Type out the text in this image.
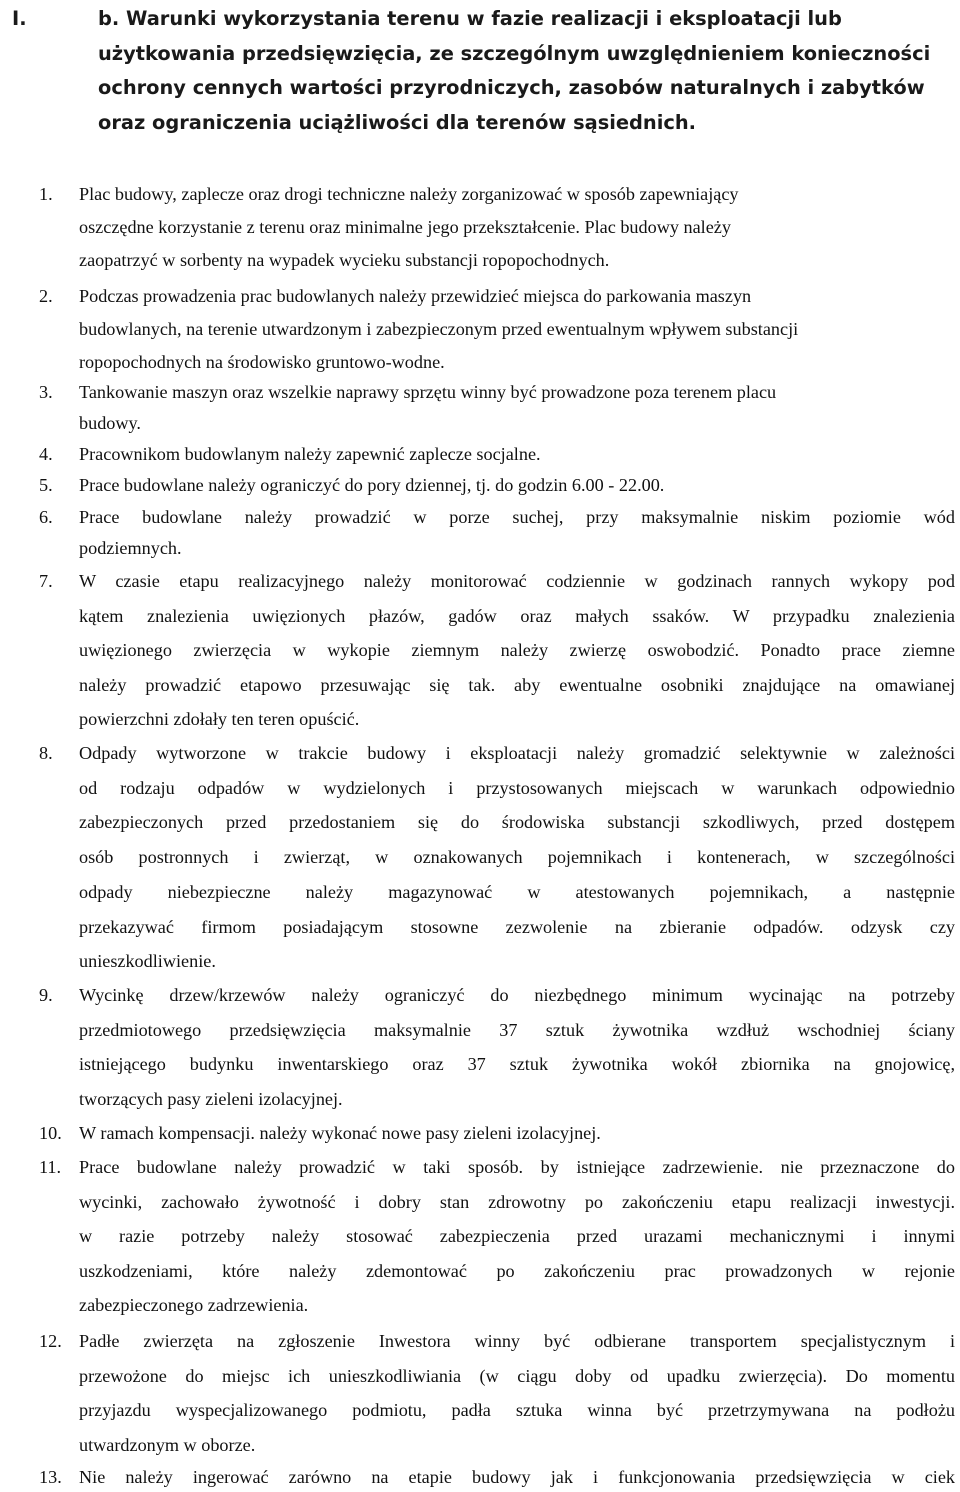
I.	b. Warunki wykorzystania terenu w fazie realizacji i eksploatacji lub
użytkowania przedsięwzięcia, ze szczególnym uwzględnieniem konieczności
ochrony cennych wartości przyrodniczych, zasobów naturalnych i zabytków
oraz ograniczenia uciążliwości dla terenów sąsiednich.
1. Plac budowy, zaplecze oraz drogi techniczne należy zorganizować w sposób zapewniający
oszczędne korzystanie z terenu oraz minimalne jego przekształcenie. Plac budowy należy
zaopatrzyć w sorbenty na wypadek wycieku substancji ropopochodnych.
2. Podczas prowadzenia prac budowlanych należy przewidzieć miejsca do parkowania maszyn
budowlanych, na terenie utwardzonym i zabezpieczonym przed ewentualnym wpływem substancji
ropopochodnych na środowisko gruntowo-wodne.
3. Tankowanie maszyn oraz wszelkie naprawy sprzętu winny być prowadzone poza terenem placu
budowy.
4. Pracownikom budowlanym należy zapewnić zaplecze socjalne.
5. Prace budowlane należy ograniczyć do pory dziennej, tj. do godzin 6.00 - 22.00.
6. Prace budowlane należy prowadzić w porze suchej, przy maksymalnie niskim poziomie wód
podziemnych.
7. W czasie etapu realizacyjnego należy monitorować codziennie w godzinach rannych wykopy pod
kątem znalezienia uwięzionych płazów, gadów oraz małych ssaków. W przypadku znalezienia
uwięzionego zwierzęcia w wykopie ziemnym należy zwierzę oswobodzić. Ponadto prace ziemne
należy prowadzić etapowo przesuwając się tak. aby ewentualne osobniki znajdujące na omawianej
powierzchni zdołały ten teren opuścić.
8. Odpady wytworzone w trakcie budowy i eksploatacji należy gromadzić selektywnie w zależności
od rodzaju odpadów w wydzielonych i przystosowanych miejscach w warunkach odpowiednio
zabezpieczonych przed przedostaniem się do środowiska substancji szkodliwych, przed dostępem
osób postronnych i zwierząt, w oznakowanych pojemnikach i kontenerach, w szczególności
odpady niebezpieczne należy magazynować w atestowanych pojemnikach, a następnie
przekazywać firmom posiadającym stosowne zezwolenie na zbieranie odpadów. odzysk czy
unieszkodliwienie.
9. Wycinkę drzew/krzewów należy ograniczyć do niezbędnego minimum wycinając na potrzeby
przedmiotowego przedsięwzięcia maksymalnie 37 sztuk żywotnika wzdłuż wschodniej ściany
istniejącego budynku inwentarskiego oraz 37 sztuk żywotnika wokół zbiornika na gnojowicę,
tworzących pasy zieleni izolacyjnej.
10. W ramach kompensacji. należy wykonać nowe pasy zieleni izolacyjnej.
11. Prace budowlane należy prowadzić w taki sposób. by istniejące zadrzewienie. nie przeznaczone do
wycinki, zachowało żywotność i dobry stan zdrowotny po zakończeniu etapu realizacji inwestycji.
w razie potrzeby należy stosować zabezpieczenia przed urazami mechanicznymi i innymi
uszkodzeniami, które należy zdemontować po zakończeniu prac prowadzonych w rejonie
zabezpieczonego zadrzewienia.
12. Padłe zwierzęta na zgłoszenie Inwestora winny być odbierane transportem specjalistycznym i
przewożone do miejsc ich unieszkodliwiania (w ciągu doby od upadku zwierzęcia). Do momentu
przyjazdu wyspecjalizowanego podmiotu, padła sztuka winna być przetrzymywana na podłożu
utwardzonym w oborze.
13. Nie należy ingerować zarówno na etapie budowy jak i funkcjonowania przedsięwzięcia w ciek
